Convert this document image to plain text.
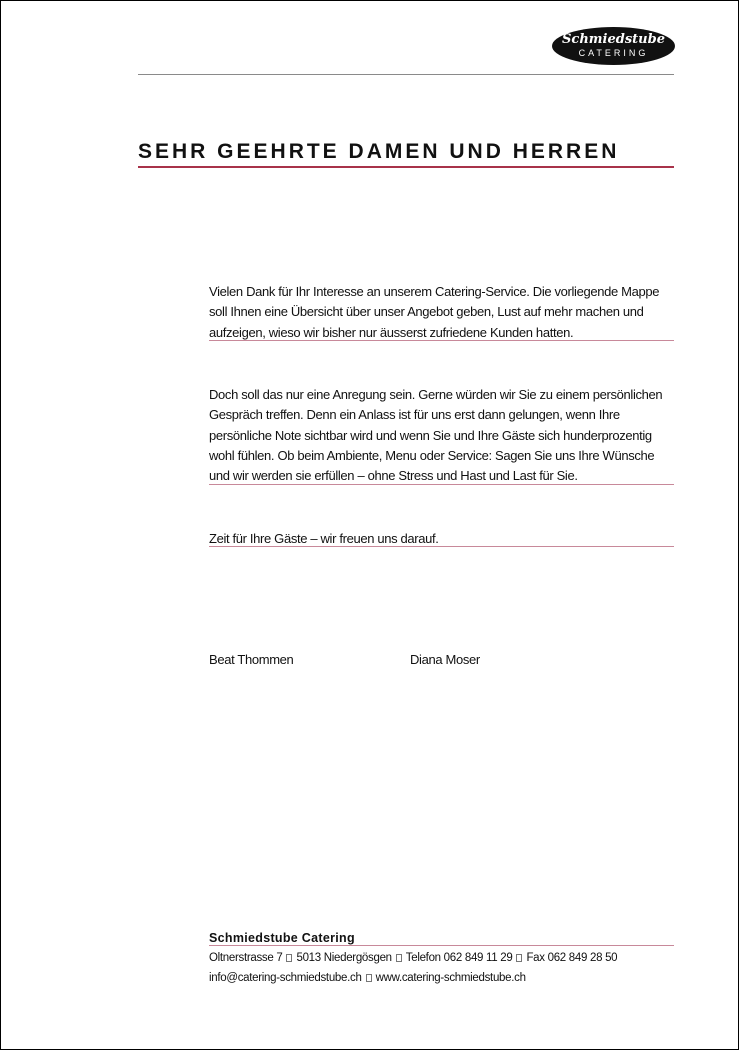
Schmiedstube
CATERING
SEHR GEEHRTE DAMEN UND HERREN

Vielen Dank für Ihr Interesse an unserem Catering-Service. Die vorliegende Mappe soll Ihnen eine Übersicht über unser Angebot geben, Lust auf mehr machen und aufzeigen, wieso wir bisher nur äusserst zufriedene Kunden hatten.

Doch soll das nur eine Anregung sein. Gerne würden wir Sie zu einem persönlichen Gespräch treffen. Denn ein Anlass ist für uns erst dann gelungen, wenn Ihre persönliche Note sichtbar wird und wenn Sie und Ihre Gäste sich hunderprozentig wohl fühlen. Ob beim Ambiente, Menu oder Service: Sagen Sie uns Ihre Wünsche und wir werden sie erfüllen – ohne Stress und Hast und Last für Sie.

Zeit für Ihre Gäste – wir freuen uns darauf.

Beat Thommen	Diana Moser
Schmiedstube Catering
Oltnerstrasse 7 5013 Niedergösgen Telefon 062 849 11 29 Fax 062 849 28 50
info@catering-schmiedstube.ch www.catering-schmiedstube.ch
